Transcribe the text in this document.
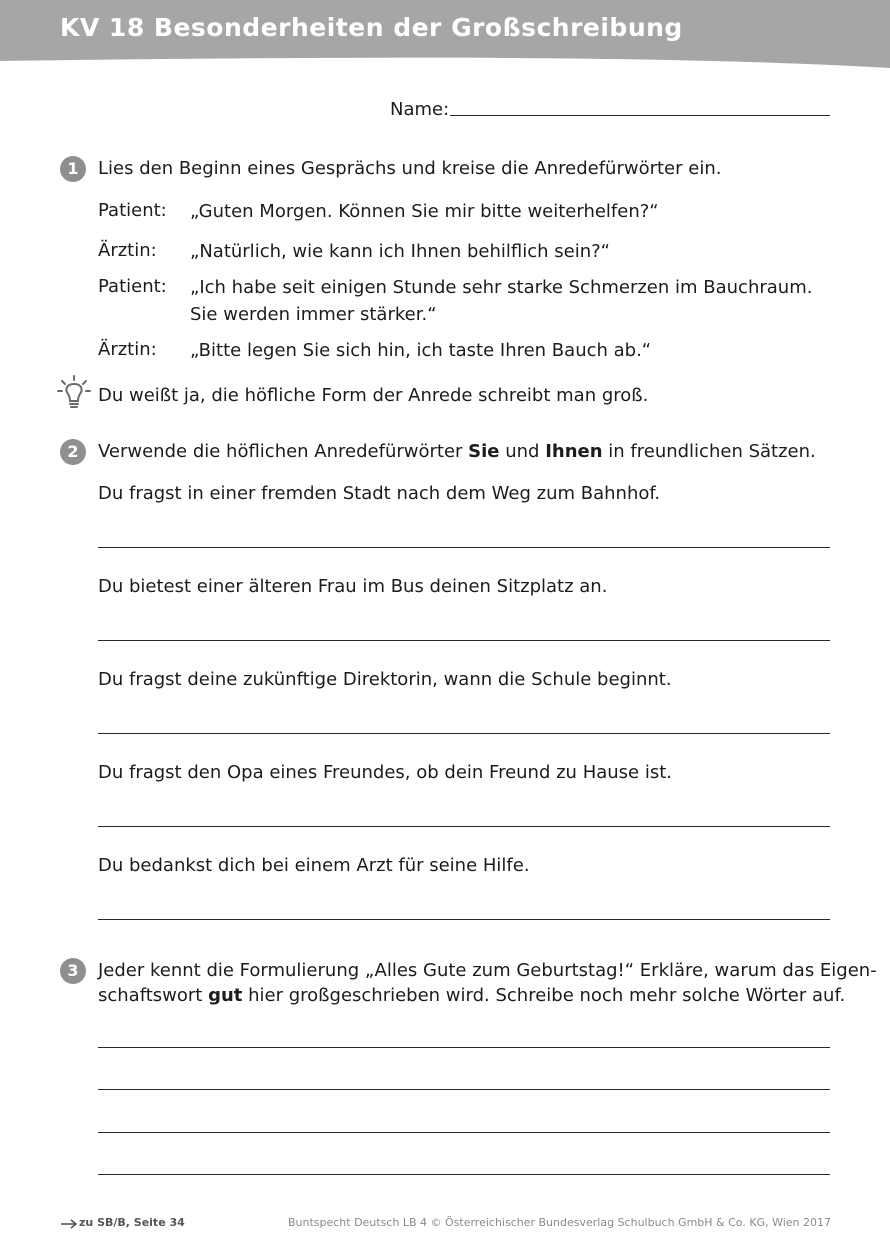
KV 18 Besonderheiten der Großschreibung
Name:
1	Lies den Beginn eines Gesprächs und kreise die Anredefürwörter ein.
Patient: „Guten Morgen. Können Sie mir bitte weiterhelfen?“
Ärztin: „Natürlich, wie kann ich Ihnen behilflich sein?“
Patient: „Ich habe seit einigen Stunde sehr starke Schmerzen im Bauchraum.
Sie werden immer stärker.“
Ärztin: „Bitte legen Sie sich hin, ich taste Ihren Bauch ab.“
Du weißt ja, die höfliche Form der Anrede schreibt man groß.
2	Verwende die höflichen Anredefürwörter Sie und Ihnen in freundlichen Sätzen.
Du fragst in einer fremden Stadt nach dem Weg zum Bahnhof.
Du bietest einer älteren Frau im Bus deinen Sitzplatz an.
Du fragst deine zukünftige Direktorin, wann die Schule beginnt.
Du fragst den Opa eines Freundes, ob dein Freund zu Hause ist.
Du bedankst dich bei einem Arzt für seine Hilfe.
3	Jeder kennt die Formulierung „Alles Gute zum Geburtstag!“ Erkläre, warum das Eigen-
schaftswort gut hier großgeschrieben wird. Schreibe noch mehr solche Wörter auf.
zu SB/B, Seite 34	Buntspecht Deutsch LB 4 © Österreichischer Bundesverlag Schulbuch GmbH & Co. KG, Wien 2017
